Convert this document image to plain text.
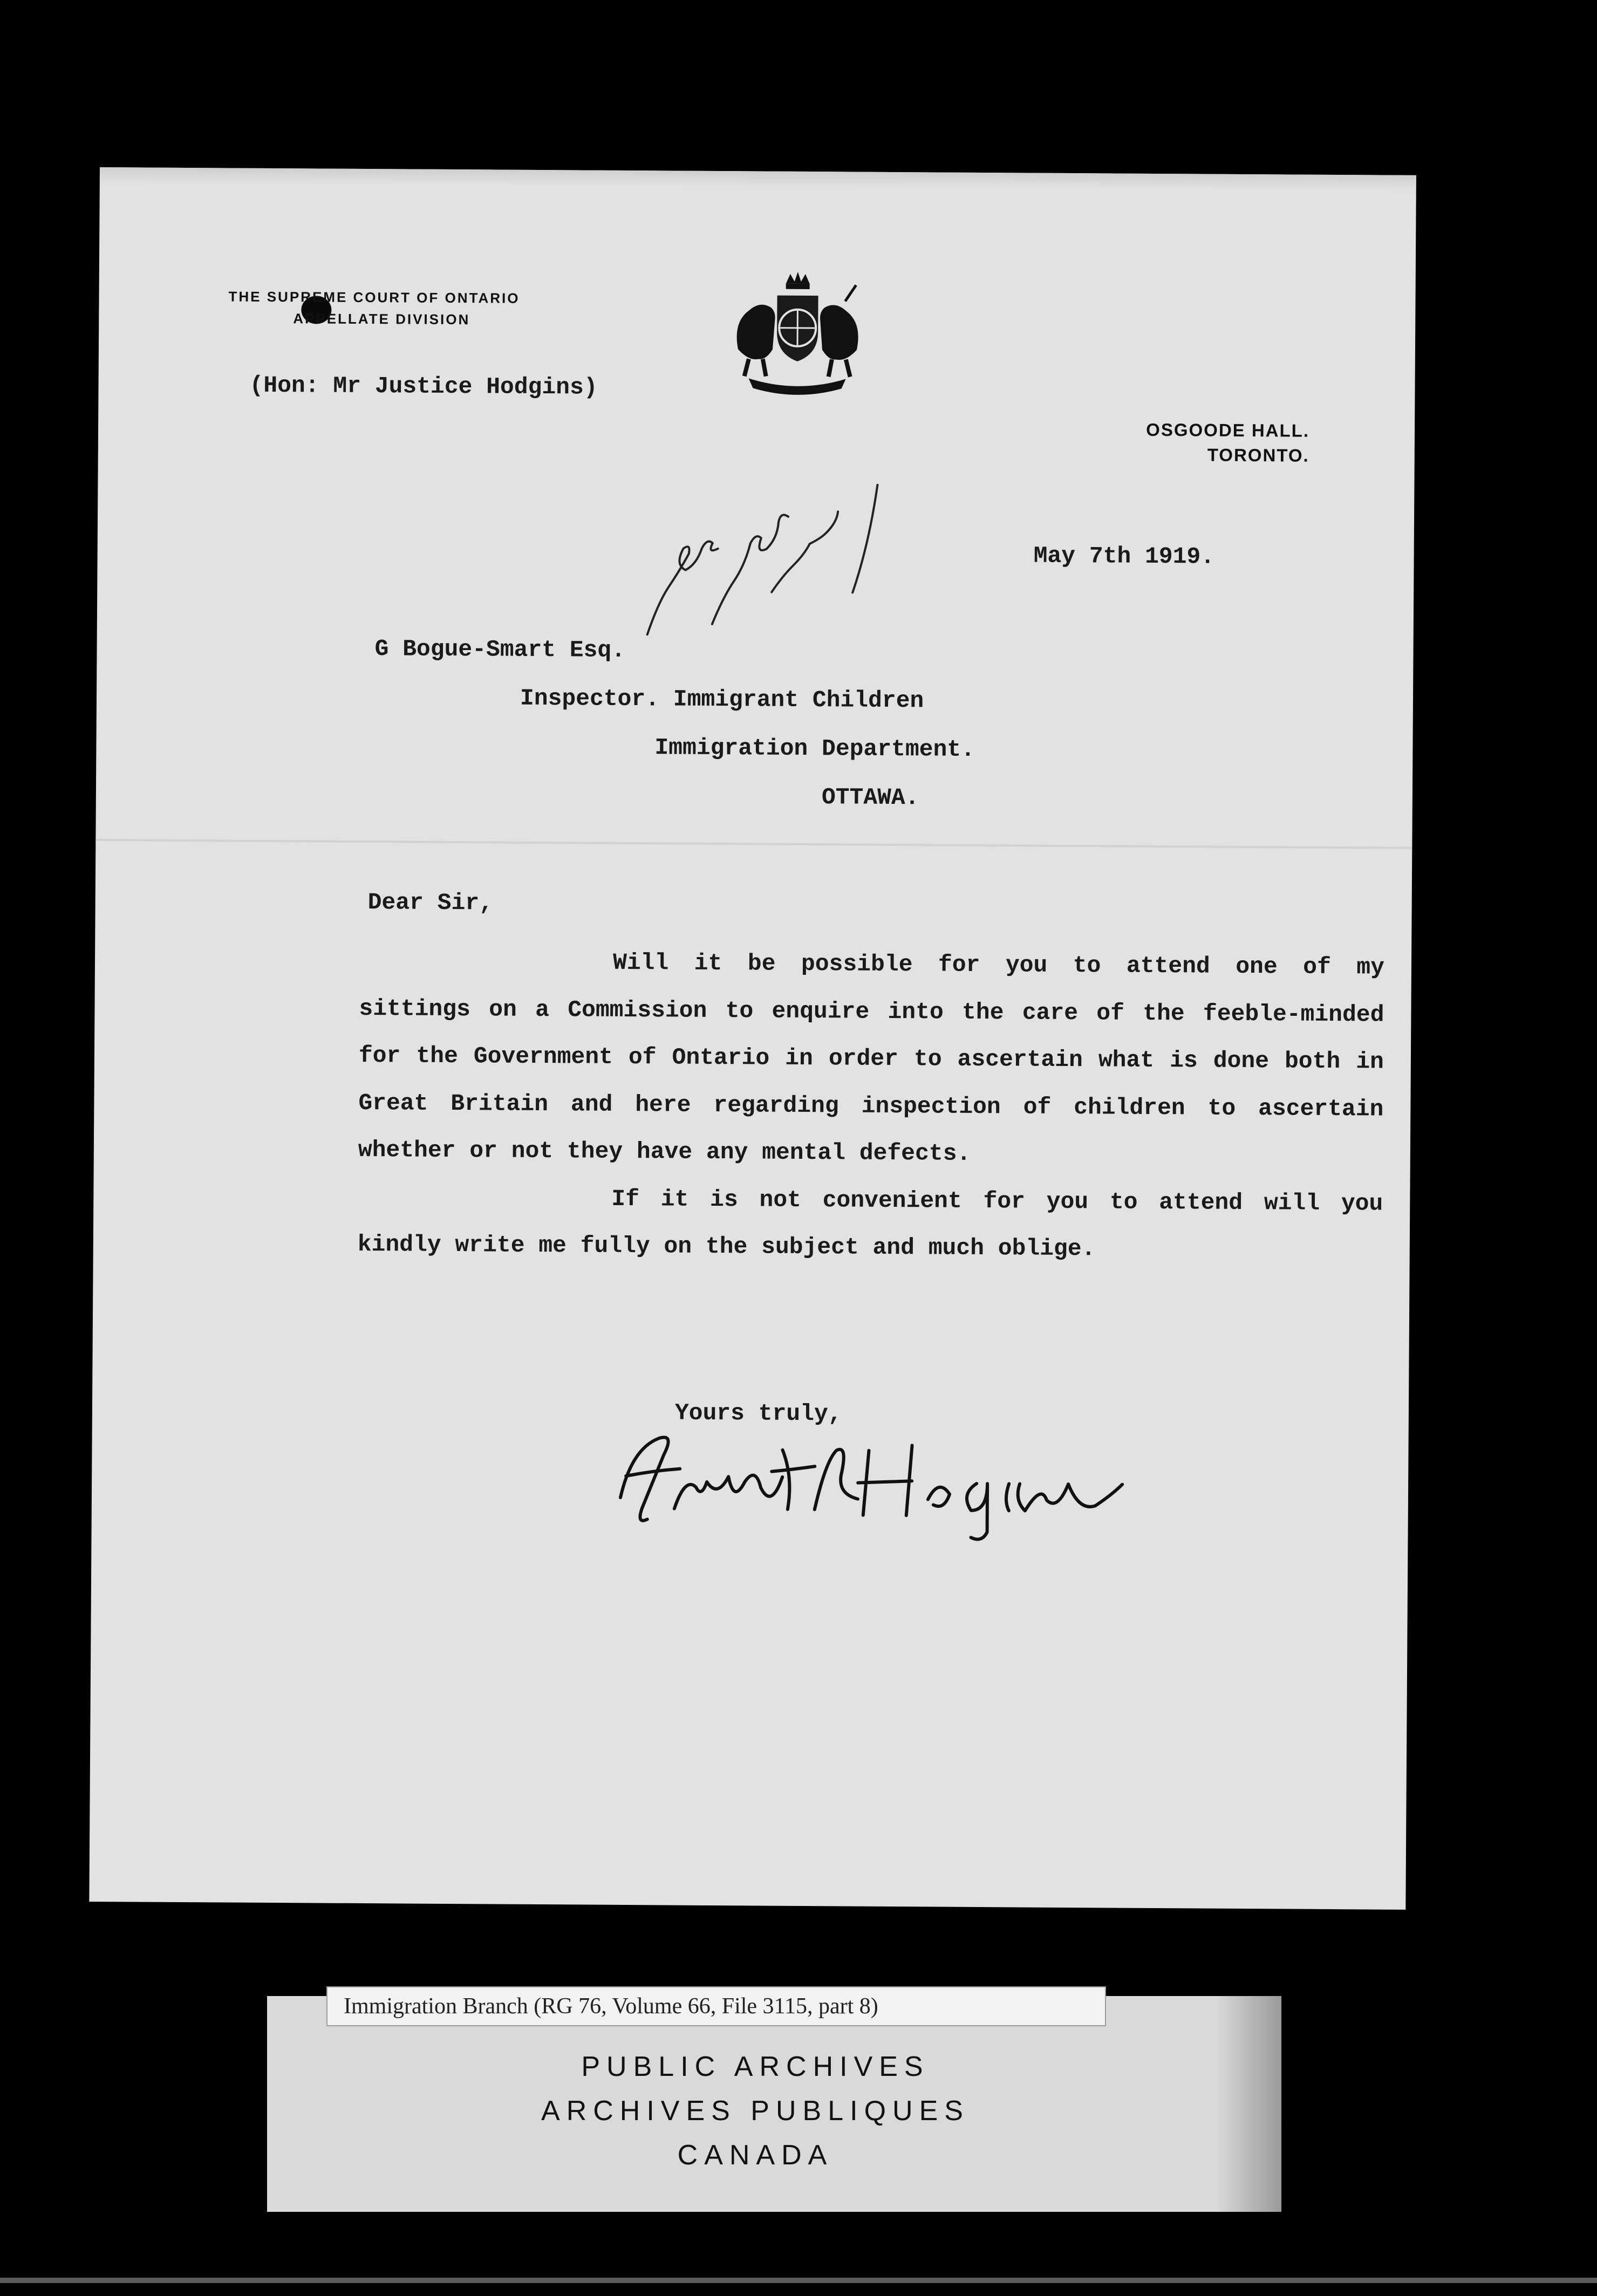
THE SUPREME COURT OF ONTARIO
APPELLATE DIVISION
(Hon: Mr Justice Hodgins)
OSGOODE HALL.
TORONTO.
May 7th 1919.
G Bogue-Smart Esq.
Inspector. Immigrant Children
Immigration Department.
OTTAWA.
Dear Sir,

Will it be possible for you to attend one of my sittings on a Commission to enquire into the care of the feeble-minded for the Government of Ontario in order to ascertain what is done both in Great Britain and here regarding inspection of children to ascertain whether or not they have any mental defects.

If it is not convenient for you to attend will you kindly write me fully on the subject and much oblige.

Yours truly,
Immigration Branch (RG 76, Volume 66, File 3115, part 8)
PUBLIC ARCHIVES
ARCHIVES PUBLIQUES
CANADA
